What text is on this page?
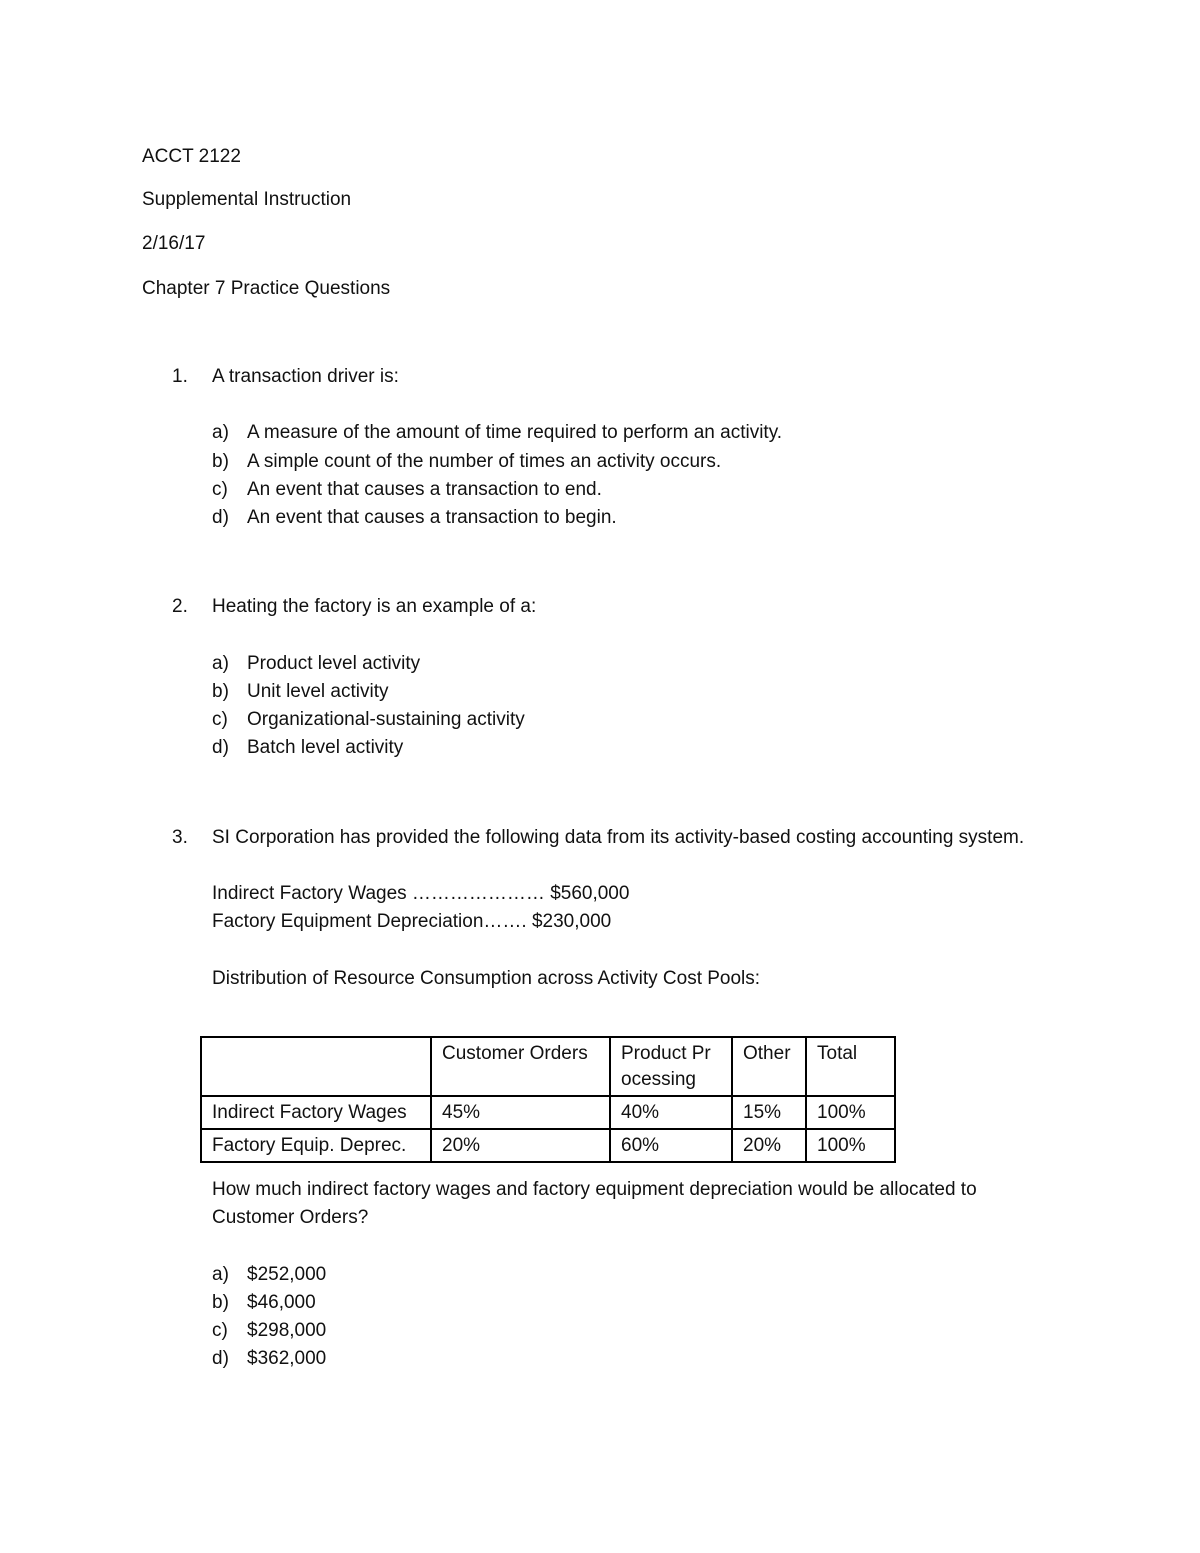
ACCT 2122
Supplemental Instruction
2/16/17
Chapter 7 Practice Questions
1. A transaction driver is:
a) A measure of the amount of time required to perform an activity.
b) A simple count of the number of times an activity occurs.
c) An event that causes a transaction to end.
d) An event that causes a transaction to begin.
2. Heating the factory is an example of a:
a) Product level activity
b) Unit level activity
c) Organizational-sustaining activity
d) Batch level activity
3. SI Corporation has provided the following data from its activity-based costing accounting system.
Indirect Factory Wages ………………… $560,000
Factory Equipment Depreciation……. $230,000
Distribution of Resource Consumption across Activity Cost Pools:
	Customer Orders	Product Processing	Other	Total
Indirect Factory Wages	45%	40%	15%	100%
Factory Equip. Deprec.	20%	60%	20%	100%
How much indirect factory wages and factory equipment depreciation would be allocated to
Customer Orders?
a) $252,000
b) $46,000
c) $298,000
d) $362,000
